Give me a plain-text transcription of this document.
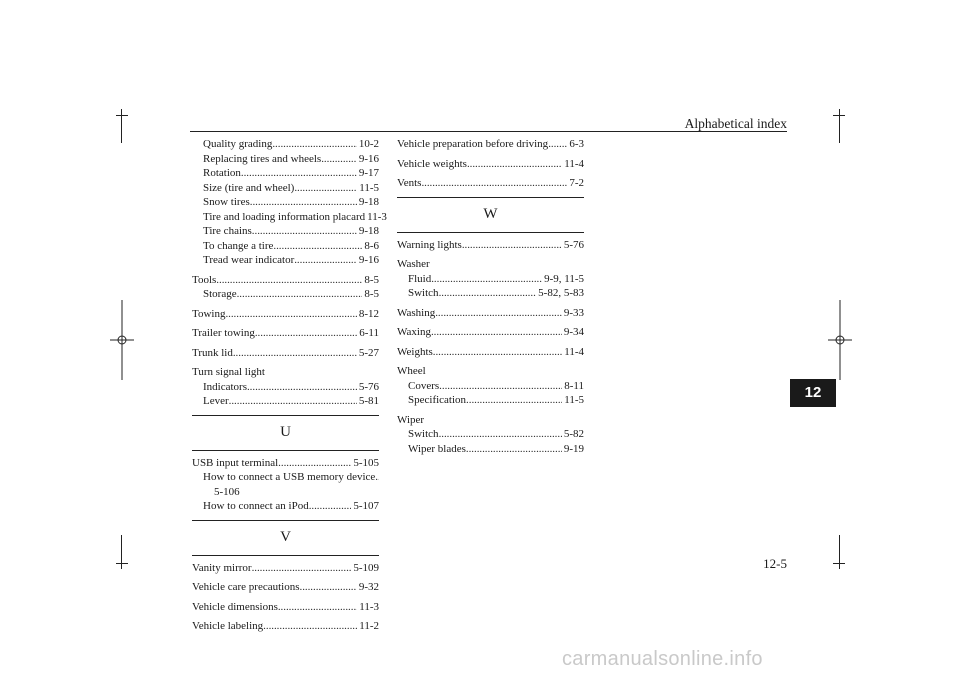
Alphabetical index
Quality grading . . .	10-2
Replacing tires and wheels . . .	9-16
Rotation . . .	9-17
Size (tire and wheel) . . .	11-5
Snow tires . . .	9-18
Tire and loading information placard 11-3
Tire chains . . .	9-18
To change a tire . . .	8-6
Tread wear indicator . . .	9-16
Tools . . .	8-5
Storage . . .	8-5
Towing . . .	8-12
Trailer towing . . .	6-11
Trunk lid . . .	5-27
Turn signal light
Indicators . . .	5-76
Lever . . .	5-81
U
USB input terminal . . .	5-105
How to connect a USB memory device
. . .
5-106
How to connect an iPod . . .	5-107
V
Vanity mirror . . .	5-109
Vehicle care precautions . . .	9-32
Vehicle dimensions . . .	11-3
Vehicle labeling . . .	11-2
Vehicle preparation before driving . . . 6-3
Vehicle weights . . .	11-4
Vents . . .	7-2
W
Warning lights . . .	5-76
Washer
Fluid . . .	9-9, 11-5
Switch . . .	5-82, 5-83
Washing . . .	9-33
Waxing . . .	9-34
Weights . . .	11-4
Wheel
Covers . . .	8-11
Specification . . .	11-5
Wiper
Switch . . .	5-82
Wiper blades . . .	9-19
12
12-5
carmanualsonline.info
